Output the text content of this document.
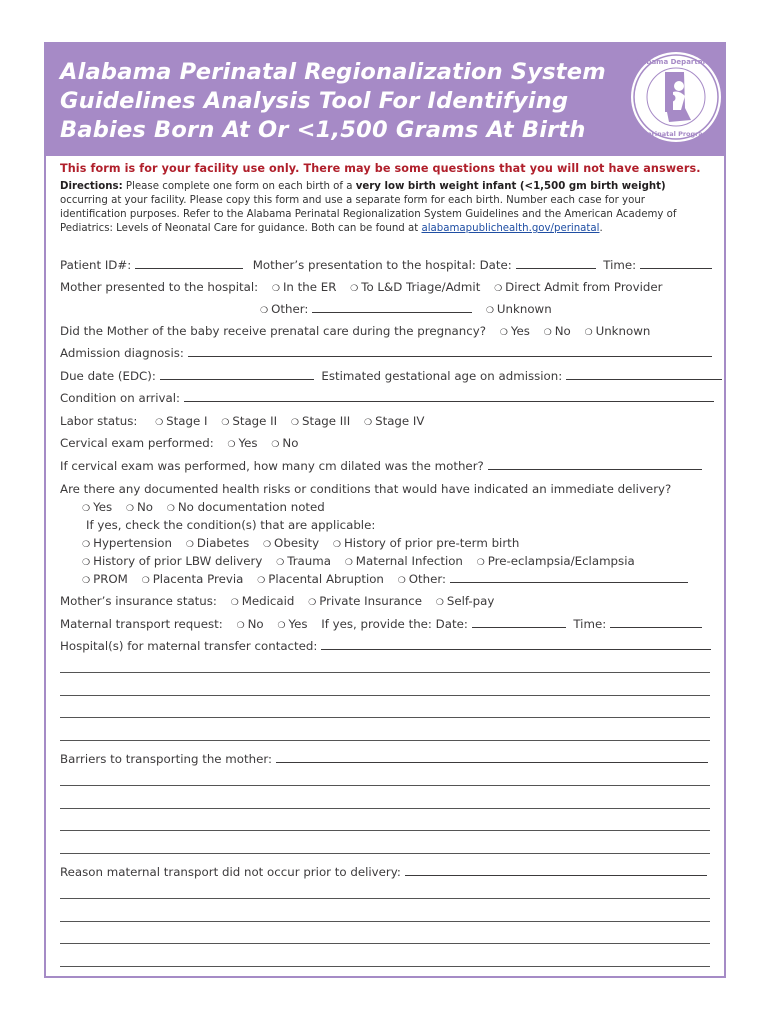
Alabama Perinatal Regionalization System
Guidelines Analysis Tool For Identifying
Babies Born At Or <1,500 Grams At Birth
Alabama Department
Perinatal Program
This form is for your facility use only. There may be some questions that you will not have answers.
Directions: Please complete one form on each birth of a very low birth weight infant (<1,500 gm birth weight) occurring at your facility. Please copy this form and use a separate form for each birth. Number each case for your identification purposes. Refer to the Alabama Perinatal Regionalization System Guidelines and the American Academy of Pediatrics: Levels of Neonatal Care for guidance. Both can be found at alabamapublichealth.gov/perinatal.
Patient ID#:	Mother’s presentation to the hospital: Date:	Time:
Mother presented to the hospital: ❍ In the ER ❍ To L&D Triage/Admit ❍ Direct Admit from Provider
❍ Other:	❍ Unknown
Did the Mother of the baby receive prenatal care during the pregnancy? ❍ Yes ❍ No ❍ Unknown
Admission diagnosis:
Due date (EDC):	Estimated gestational age on admission:
Condition on arrival:
Labor status: ❍ Stage I ❍ Stage II ❍ Stage III ❍ Stage IV
Cervical exam performed: ❍ Yes ❍ No
If cervical exam was performed, how many cm dilated was the mother?
Are there any documented health risks or conditions that would have indicated an immediate delivery?
❍ Yes ❍ No ❍ No documentation noted
If yes, check the condition(s) that are applicable:
❍ Hypertension ❍ Diabetes ❍ Obesity ❍ History of prior pre-term birth
❍ History of prior LBW delivery ❍ Trauma ❍ Maternal Infection ❍ Pre-eclampsia/Eclampsia
❍ PROM ❍ Placenta Previa ❍ Placental Abruption ❍ Other:
Mother’s insurance status: ❍ Medicaid ❍ Private Insurance ❍ Self-pay
Maternal transport request: ❍ No ❍ Yes If yes, provide the: Date:	Time:
Hospital(s) for maternal transfer contacted:
Barriers to transporting the mother:
Reason maternal transport did not occur prior to delivery:
